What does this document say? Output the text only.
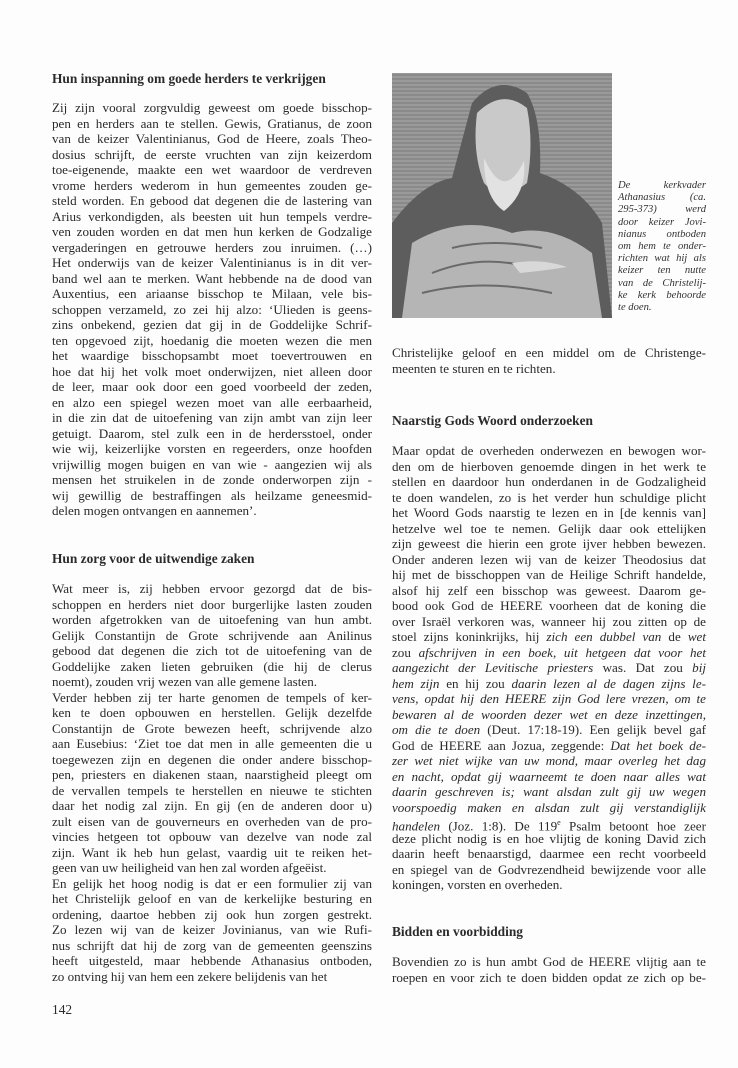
De kerkvader
Athanasius (ca.
295-373) werd
door keizer Jovi-
nianus ontboden
om hem te onder-
richten wat hij als
keizer ten nutte
van de Christelij-
ke kerk behoorde
te doen.
Hun inspanning om goede herders te verkrijgen
Zij zijn vooral zorgvuldig geweest om goede bisschop-
pen en herders aan te stellen. Gewis, Gratianus, de zoon
van de keizer Valentinianus, God de Heere, zoals Theo-
dosius schrijft, de eerste vruchten van zijn keizerdom
toe-eigenende, maakte een wet waardoor de verdreven
vrome herders wederom in hun gemeentes zouden ge-
steld worden. En gebood dat degenen die de lastering van
Arius verkondigden, als beesten uit hun tempels verdre-
ven zouden worden en dat men hun kerken de Godzalige
vergaderingen en getrouwe herders zou inruimen. (…)
Het onderwijs van de keizer Valentinianus is in dit ver-
band wel aan te merken. Want hebbende na de dood van
Auxentius, een ariaanse bisschop te Milaan, vele bis-
schoppen verzameld, zo zei hij alzo: ‘Ulieden is geens-
zins onbekend, gezien dat gij in de Goddelijke Schrif-
ten opgevoed zijt, hoedanig die moeten wezen die men
het waardige bisschopsambt moet toevertrouwen en
hoe dat hij het volk moet onderwijzen, niet alleen door
de leer, maar ook door een goed voorbeeld der zeden,
en alzo een spiegel wezen moet van alle eerbaarheid,
in die zin dat de uitoefening van zijn ambt van zijn leer
getuigt. Daarom, stel zulk een in de herdersstoel, onder
wie wij, keizerlijke vorsten en regeerders, onze hoofden
vrijwillig mogen buigen en van wie - aangezien wij als
mensen het struikelen in de zonde onderworpen zijn -
wij gewillig de bestraffingen als heilzame geneesmid-
delen mogen ontvangen en aannemen’.
Hun zorg voor de uitwendige zaken
Wat meer is, zij hebben ervoor gezorgd dat de bis-
schoppen en herders niet door burgerlijke lasten zouden
worden afgetrokken van de uitoefening van hun ambt.
Gelijk Constantijn de Grote schrijvende aan Anilinus
gebood dat degenen die zich tot de uitoefening van de
Goddelijke zaken lieten gebruiken (die hij de clerus
noemt), zouden vrij wezen van alle gemene lasten.
Verder hebben zij ter harte genomen de tempels of ker-
ken te doen opbouwen en herstellen. Gelijk dezelfde
Constantijn de Grote bewezen heeft, schrijvende alzo
aan Eusebius: ‘Ziet toe dat men in alle gemeenten die u
toegewezen zijn en degenen die onder andere bisschop-
pen, priesters en diakenen staan, naarstigheid pleegt om
de vervallen tempels te herstellen en nieuwe te stichten
daar het nodig zal zijn. En gij (en de anderen door u)
zult eisen van de gouverneurs en overheden van de pro-
vincies hetgeen tot opbouw van dezelve van node zal
zijn. Want ik heb hun gelast, vaardig uit te reiken het-
geen van uw heiligheid van hen zal worden afgeëist.
En gelijk het hoog nodig is dat er een formulier zij van
het Christelijk geloof en van de kerkelijke besturing en
ordening, daartoe hebben zij ook hun zorgen gestrekt.
Zo lezen wij van de keizer Jovinianus, van wie Rufi-
nus schrijft dat hij de zorg van de gemeenten geenszins
heeft uitgesteld, maar hebbende Athanasius ontboden,
zo ontving hij van hem een zekere belijdenis van het
Christelijke geloof en een middel om de Christenge-
meenten te sturen en te richten.
Naarstig Gods Woord onderzoeken
Maar opdat de overheden onderwezen en bewogen wor-
den om de hierboven genoemde dingen in het werk te
stellen en daardoor hun onderdanen in de Godzaligheid
te doen wandelen, zo is het verder hun schuldige plicht
het Woord Gods naarstig te lezen en in [de kennis van]
hetzelve wel toe te nemen. Gelijk daar ook ettelijken
zijn geweest die hierin een grote ijver hebben bewezen.
Onder anderen lezen wij van de keizer Theodosius dat
hij met de bisschoppen van de Heilige Schrift handelde,
alsof hij zelf een bisschop was geweest. Daarom ge-
bood ook God de HEERE voorheen dat de koning die
over Israël verkoren was, wanneer hij zou zitten op de
stoel zijns koninkrijks, hij zich een dubbel van de wet
zou afschrijven in een boek, uit hetgeen dat voor het
aangezicht der Levitische priesters was. Dat zou bij
hem zijn en hij zou daarin lezen al de dagen zijns le-
vens, opdat hij den HEERE zijn God lere vrezen, om te
bewaren al de woorden dezer wet en deze inzettingen,
om die te doen (Deut. 17:18-19). Een gelijk bevel gaf
God de HEERE aan Jozua, zeggende: Dat het boek de-
zer wet niet wijke van uw mond, maar overleg het dag
en nacht, opdat gij waarneemt te doen naar alles wat
daarin geschreven is; want alsdan zult gij uw wegen
voorspoedig maken en alsdan zult gij verstandiglijk
handelen (Joz. 1:8). De 119e Psalm betoont hoe zeer
deze plicht nodig is en hoe vlijtig de koning David zich
daarin heeft benaarstigd, daarmee een recht voorbeeld
en spiegel van de Godvrezendheid bewijzende voor alle
koningen, vorsten en overheden.
Bidden en voorbidding
Bovendien zo is hun ambt God de HEERE vlijtig aan te
roepen en voor zich te doen bidden opdat ze zich op be-
142
